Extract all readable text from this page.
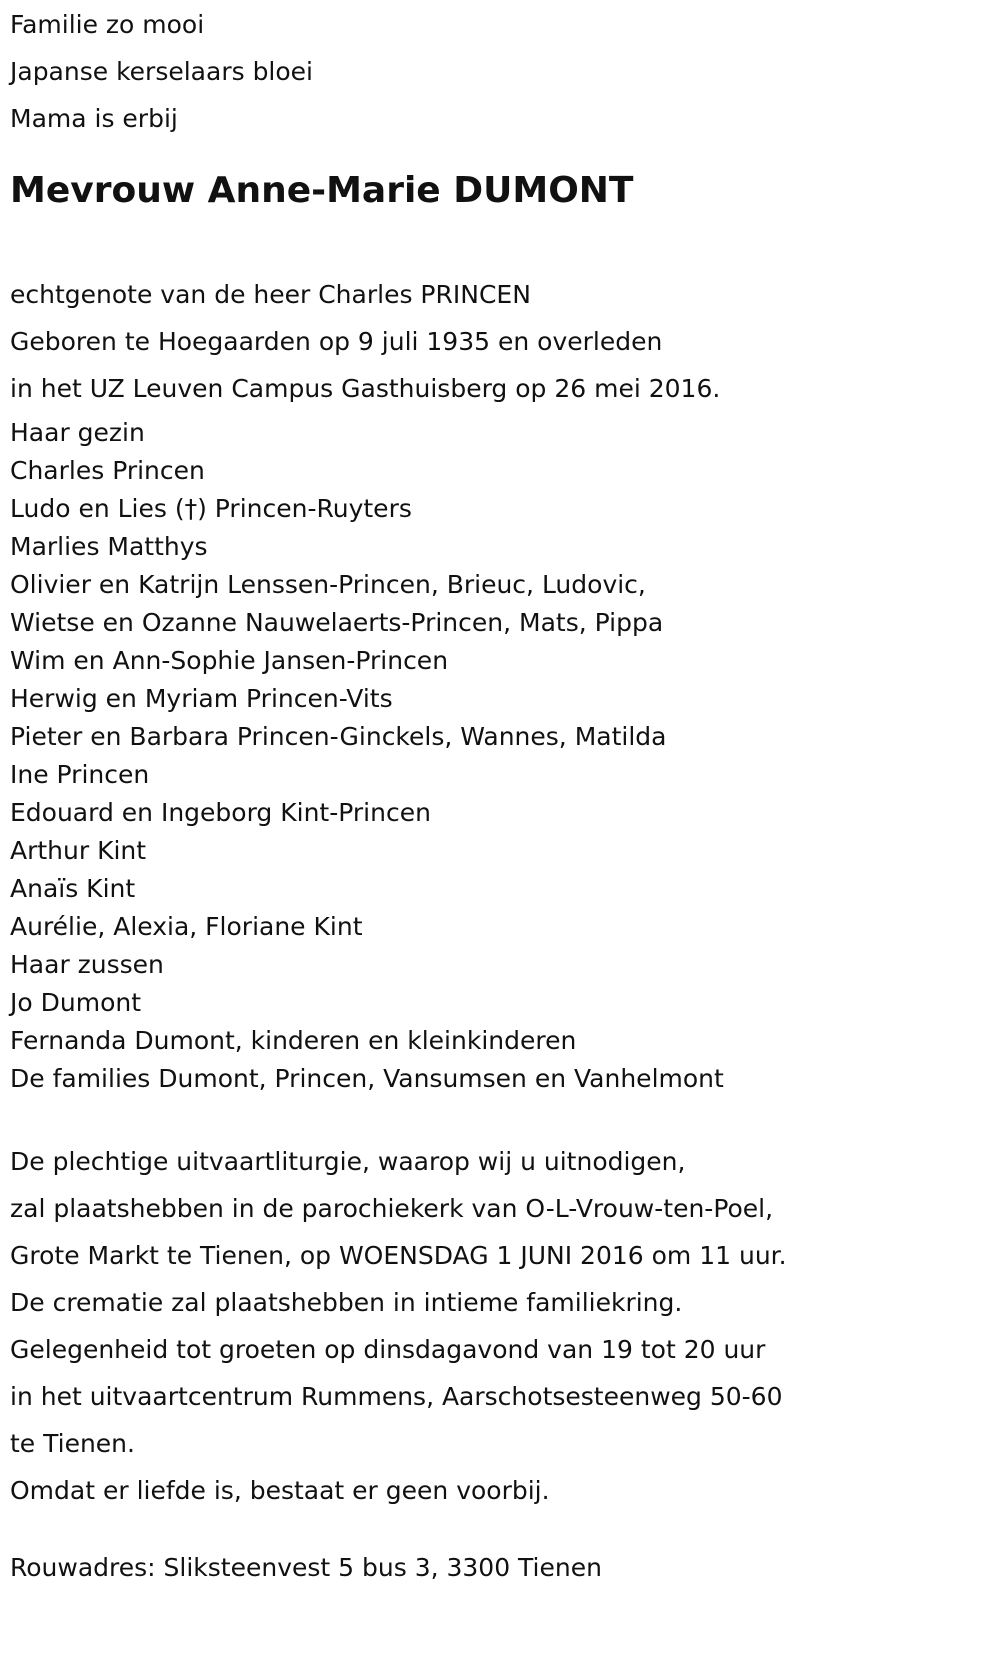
Familie zo mooi

Japanse kerselaars bloei

Mama is erbij

Mevrouw Anne-Marie DUMONT

echtgenote van de heer Charles PRINCEN

Geboren te Hoegaarden op 9 juli 1935 en overleden

in het UZ Leuven Campus Gasthuisberg op 26 mei 2016.

Haar gezin

Charles Princen

Ludo en Lies (†) Princen-Ruyters

Marlies Matthys

Olivier en Katrijn Lenssen-Princen, Brieuc, Ludovic,

Wietse en Ozanne Nauwelaerts-Princen, Mats, Pippa

Wim en Ann-Sophie Jansen-Princen

Herwig en Myriam Princen-Vits

Pieter en Barbara Princen-Ginckels, Wannes, Matilda

Ine Princen

Edouard en Ingeborg Kint-Princen

Arthur Kint

Anaïs Kint

Aurélie, Alexia, Floriane Kint

Haar zussen

Jo Dumont

Fernanda Dumont, kinderen en kleinkinderen

De families Dumont, Princen, Vansumsen en Vanhelmont

De plechtige uitvaartliturgie, waarop wij u uitnodigen,

zal plaatshebben in de parochiekerk van O-L-Vrouw-ten-Poel,

Grote Markt te Tienen, op WOENSDAG 1 JUNI 2016 om 11 uur.

De crematie zal plaatshebben in intieme familiekring.

Gelegenheid tot groeten op dinsdagavond van 19 tot 20 uur

in het uitvaartcentrum Rummens, Aarschotsesteenweg 50-60

te Tienen.

Omdat er liefde is, bestaat er geen voorbij.

Rouwadres: Sliksteenvest 5 bus 3, 3300 Tienen
